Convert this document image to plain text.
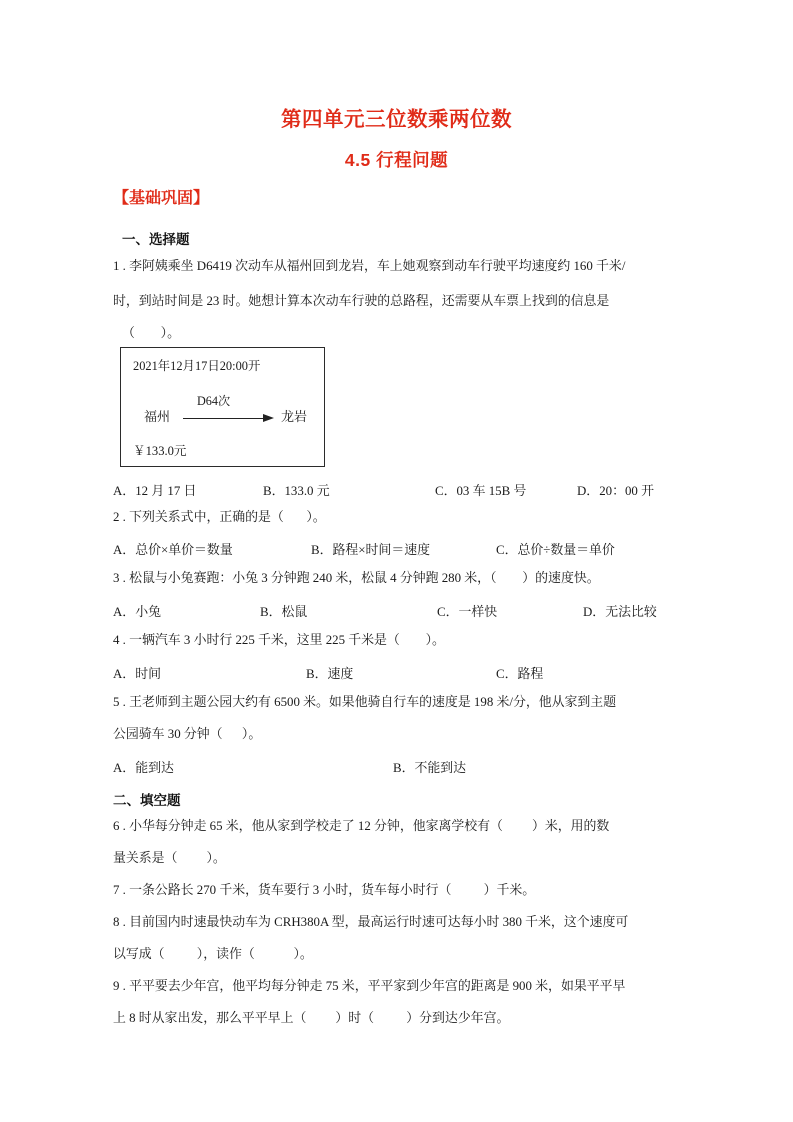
第四单元三位数乘两位数
4.5 行程问题
【基础巩固】
一、选择题
1 . 李阿姨乘坐 D6419 次动车从福州回到龙岩，车上她观察到动车行驶平均速度约 160 千米/
时，到站时间是 23 时。她想计算本次动车行驶的总路程，还需要从车票上找到的信息是
（        ）。
2021年12月17日20:00开
福州
D64次
龙岩
￥133.0元
A．12 月 17 日	B．133.0 元	C．03 车 15B 号	D．20：00 开
2 . 下列关系式中，正确的是（       ）。
A．总价×单价＝数量	B．路程×时间＝速度	C．总价÷数量＝单价
3 . 松鼠与小兔赛跑：小兔 3 分钟跑 240 米，松鼠 4 分钟跑 280 米，（        ）的速度快。
A．小兔	B．松鼠	C．一样快	D．无法比较
4 . 一辆汽车 3 小时行 225 千米，这里 225 千米是（        ）。
A．时间	B．速度	C．路程
5 . 王老师到主题公园大约有 6500 米。如果他骑自行车的速度是 198 米/分，他从家到主题
公园骑车 30 分钟（      ）。
A．能到达	B．不能到达
二、填空题
6 . 小华每分钟走 65 米，他从家到学校走了 12 分钟，他家离学校有（         ）米，用的数
量关系是（         ）。
7 . 一条公路长 270 千米，货车要行 3 小时，货车每小时行（          ）千米。
8 . 目前国内时速最快动车为 CRH380A 型，最高运行时速可达每小时 380 千米，这个速度可
以写成（          ），读作（            ）。
9 . 平平要去少年宫，他平均每分钟走 75 米，平平家到少年宫的距离是 900 米，如果平平早
上 8 时从家出发，那么平平早上（         ）时（          ）分到达少年宫。
